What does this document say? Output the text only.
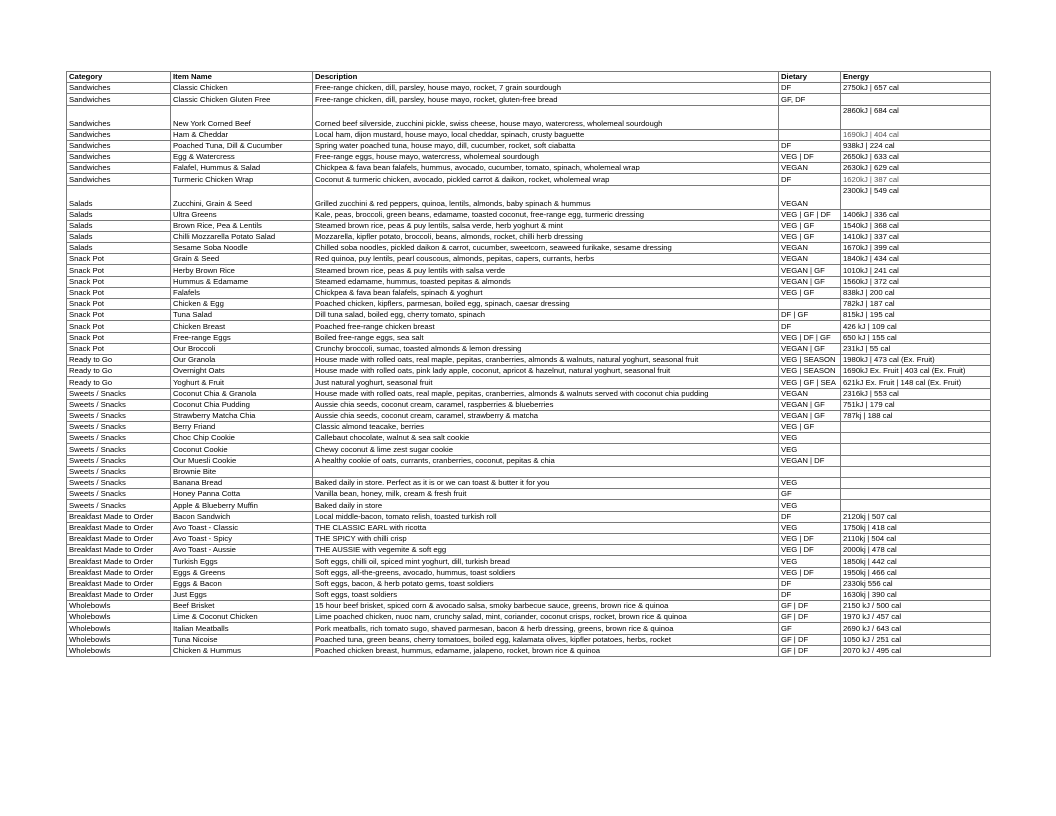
Category	Item Name	Description	Dietary	Energy
Sandwiches	Classic Chicken	Free-range chicken, dill, parsley, house mayo, rocket, 7 grain sourdough	DF	2750kJ | 657 cal
Sandwiches	Classic Chicken Gluten Free	Free-range chicken, dill, parsley, house mayo, rocket, gluten-free bread	GF, DF	
Sandwiches	New York Corned Beef	Corned beef silverside, zucchini pickle, swiss cheese, house mayo, watercress, wholemeal sourdough		2860kJ | 684 cal
Sandwiches	Ham & Cheddar	Local ham, dijon mustard, house mayo, local cheddar, spinach, crusty baguette		1690kJ | 404 cal
Sandwiches	Poached Tuna, Dill & Cucumber	Spring water poached tuna, house mayo, dill, cucumber, rocket, soft ciabatta	DF	938kJ | 224 cal
Sandwiches	Egg & Watercress	Free-range eggs, house mayo, watercress, wholemeal sourdough	VEG | DF	2650kJ | 633 cal
Sandwiches	Falafel, Hummus & Salad	Chickpea & fava bean falafels, hummus, avocado, cucumber, tomato, spinach, wholemeal wrap	VEGAN	2630kJ | 629 cal
Sandwiches	Turmeric Chicken Wrap	Coconut & turmeric chicken, avocado, pickled carrot & daikon, rocket, wholemeal wrap	DF	1620kJ | 387 cal
Salads	Zucchini, Grain & Seed	Grilled zucchini & red peppers, quinoa, lentils, almonds, baby spinach & hummus	VEGAN	2300kJ | 549 cal
Salads	Ultra Greens	Kale, peas, broccoli, green beans, edamame, toasted coconut, free-range egg, turmeric dressing	VEG | GF | DF	1406kJ | 336 cal
Salads	Brown Rice, Pea & Lentils	Steamed brown rice, peas & puy lentils, salsa verde, herb yoghurt & mint	VEG | GF	1540kJ | 368 cal
Salads	Chilli Mozzarella Potato Salad	Mozzarella, kipfler potato, broccoli, beans, almonds, rocket, chilli herb dressing	VEG | GF	1410kJ | 337 cal
Salads	Sesame Soba Noodle	Chilled soba noodles, pickled daikon & carrot, cucumber, sweetcorn, seaweed furikake, sesame dressing	VEGAN	1670kJ | 399 cal
Snack Pot	Grain & Seed	Red quinoa, puy lentils, pearl couscous, almonds, pepitas, capers, currants, herbs	VEGAN	1840kJ | 434 cal
Snack Pot	Herby Brown Rice	Steamed brown rice, peas & puy lentils with salsa verde	VEGAN | GF	1010kJ | 241 cal
Snack Pot	Hummus & Edamame	Steamed edamame, hummus, toasted pepitas & almonds	VEGAN | GF	1560kJ | 372 cal
Snack Pot	Falafels	Chickpea & fava bean falafels, spinach & yoghurt	VEG | GF	838kJ | 200 cal
Snack Pot	Chicken & Egg	Poached chicken, kipflers, parmesan, boiled egg, spinach, caesar dressing		782kJ | 187 cal
Snack Pot	Tuna Salad	Dill tuna salad, boiled egg, cherry tomato, spinach	DF | GF	815kJ | 195 cal
Snack Pot	Chicken Breast	Poached free-range chicken breast	DF	426 kJ | 109 cal
Snack Pot	Free-range Eggs	Boiled free-range eggs, sea salt	VEG | DF | GF	650 kJ | 155 cal
Snack Pot	Our Broccoli	Crunchy broccoli, sumac, toasted almonds & lemon dressing	VEGAN | GF	231kJ | 55 cal
Ready to Go	Our Granola	House made with rolled oats, real maple, pepitas, cranberries, almonds & walnuts, natural yoghurt, seasonal fruit	VEG | SEASON	1980kJ | 473 cal (Ex. Fruit)
Ready to Go	Overnight Oats	House made with rolled oats, pink lady apple, coconut, apricot & hazelnut, natural yoghurt, seasonal fruit	VEG | SEASON	1690kJ Ex. Fruit | 403 cal (Ex. Fruit)
Ready to Go	Yoghurt & Fruit	Just natural yoghurt, seasonal fruit	VEG | GF | SEA	621kJ Ex. Fruit | 148 cal (Ex. Fruit)
Sweets / Snacks	Coconut Chia & Granola	House made with rolled oats, real maple, pepitas, cranberries, almonds & walnuts served with coconut chia pudding	VEGAN	2316kJ | 553 cal
Sweets / Snacks	Coconut Chia Pudding	Aussie chia seeds, coconut cream, caramel, raspberries & blueberries	VEGAN | GF	751kJ | 179 cal
Sweets / Snacks	Strawberry Matcha Chia	Aussie chia seeds, coconut cream, caramel, strawberry & matcha	VEGAN | GF	787kj | 188 cal
Sweets / Snacks	Berry Friand	Classic almond teacake, berries	VEG | GF	
Sweets / Snacks	Choc Chip Cookie	Callebaut chocolate, walnut & sea salt cookie	VEG	
Sweets / Snacks	Coconut Cookie	Chewy coconut & lime zest sugar cookie	VEG	
Sweets / Snacks	Our Muesli Cookie	A healthy cookie of oats, currants, cranberries, coconut, pepitas & chia	VEGAN | DF	
Sweets / Snacks	Brownie Bite			
Sweets / Snacks	Banana Bread	Baked daily in store. Perfect as it is or we can toast & butter it for you	VEG	
Sweets / Snacks	Honey Panna Cotta	Vanilla bean, honey, milk, cream & fresh fruit	GF	
Sweets / Snacks	Apple & Blueberry Muffin	Baked daily in store	VEG	
Breakfast Made to Order	Bacon Sandwich	Local middle-bacon, tomato relish, toasted turkish roll	DF	2120kj | 507 cal
Breakfast Made to Order	Avo Toast - Classic	THE CLASSIC EARL with ricotta	VEG	1750kj | 418 cal
Breakfast Made to Order	Avo Toast - Spicy	THE SPICY with chilli crisp	VEG | DF	2110kj | 504 cal
Breakfast Made to Order	Avo Toast - Aussie	THE AUSSIE with vegemite & soft egg	VEG | DF	2000kj | 478 cal
Breakfast Made to Order	Turkish Eggs	Soft eggs, chilli oil, spiced mint yoghurt, dill, turkish bread	VEG	1850kj | 442 cal
Breakfast Made to Order	Eggs & Greens	Soft eggs, all-the-greens, avocado, hummus, toast soldiers	VEG | DF	1950kj | 466 cal
Breakfast Made to Order	Eggs & Bacon	Soft eggs, bacon, & herb potato gems, toast soldiers	DF	2330kj 556 cal
Breakfast Made to Order	Just Eggs	Soft eggs, toast soldiers	DF	1630kj | 390 cal
Wholebowls	Beef Brisket	15 hour beef brisket, spiced corn & avocado salsa, smoky barbecue sauce, greens, brown rice & quinoa	GF | DF	2150 kJ / 500 cal
Wholebowls	Lime & Coconut Chicken	Lime poached chicken, nuoc nam, crunchy salad, mint, coriander, coconut crisps, rocket, brown rice & quinoa	GF | DF	1970 kJ / 457 cal
Wholebowls	Italian Meatballs	Pork meatballs, rich tomato sugo, shaved parmesan, bacon & herb dressing, greens, brown rice & quinoa	GF	2690 kJ / 643 cal
Wholebowls	Tuna Nicoise	Poached tuna, green beans, cherry tomatoes, boiled egg, kalamata olives, kipfler potatoes, herbs, rocket	GF | DF	1050 kJ / 251 cal
Wholebowls	Chicken & Hummus	Poached chicken breast, hummus, edamame, jalapeno, rocket, brown rice & quinoa	GF | DF	2070 kJ / 495 cal
